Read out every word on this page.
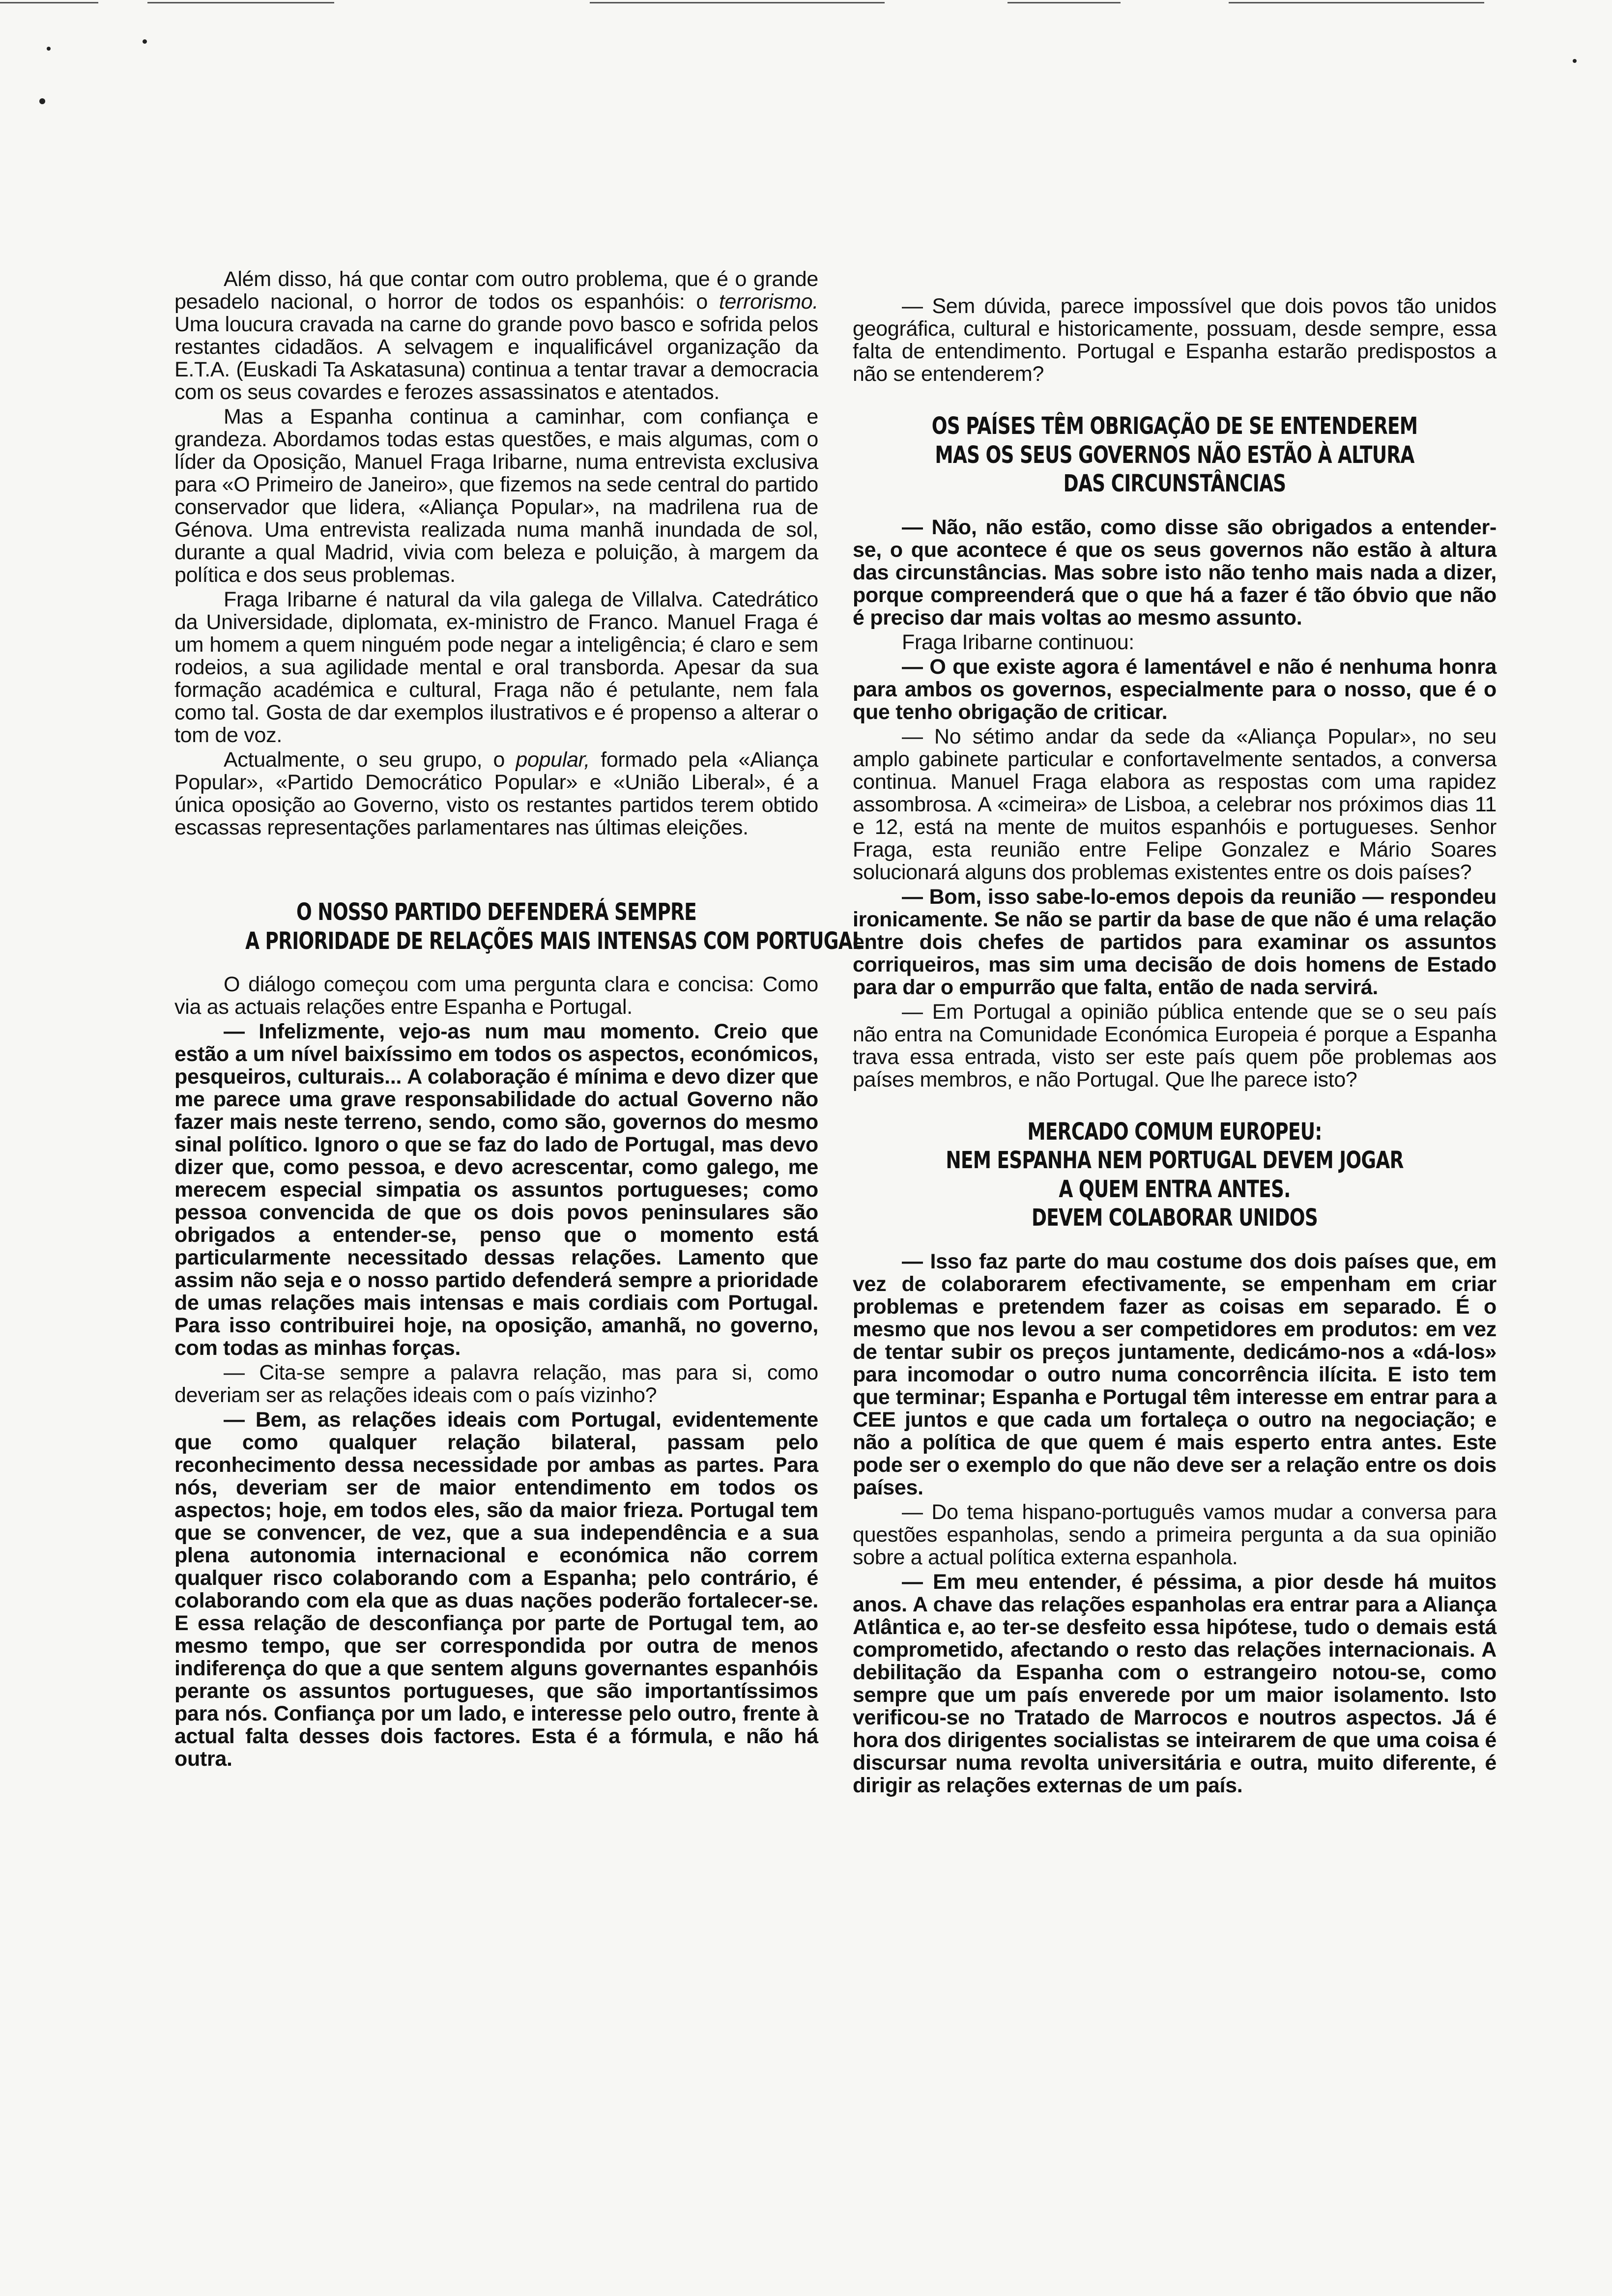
Além disso, há que contar com outro problema, que é o grande pesadelo nacional, o horror de todos os espanhóis: o terrorismo. Uma loucura cravada na carne do grande povo basco e sofrida pelos restantes cidadãos. A selvagem e inqualificável organização da E.T.A. (Euskadi Ta Askatasuna) continua a tentar travar a democracia com os seus covardes e ferozes assassinatos e atentados.

Mas a Espanha continua a caminhar, com confiança e grandeza. Abordamos todas estas questões, e mais algumas, com o líder da Oposição, Manuel Fraga Iribarne, numa entrevista exclusiva para «O Primeiro de Janeiro», que fizemos na sede central do partido conservador que lidera, «Aliança Popular», na madrilena rua de Génova. Uma entrevista realizada numa manhã inundada de sol, durante a qual Madrid, vivia com beleza e poluição, à margem da política e dos seus problemas.

Fraga Iribarne é natural da vila galega de Villalva. Catedrático da Universidade, diplomata, ex-ministro de Franco. Manuel Fraga é um homem a quem ninguém pode negar a inteligência; é claro e sem rodeios, a sua agilidade mental e oral transborda. Apesar da sua formação académica e cultural, Fraga não é petulante, nem fala como tal. Gosta de dar exemplos ilustrativos e é propenso a alterar o tom de voz.

Actualmente, o seu grupo, o popular, formado pela «Aliança Popular», «Partido Democrático Popular» e «União Liberal», é a única oposição ao Governo, visto os restantes partidos terem obtido escassas representações parlamentares nas últimas eleições.

O NOSSO PARTIDO DEFENDERÁ SEMPRE
A PRIORIDADE DE RELAÇÕES MAIS INTENSAS COM PORTUGAL

O diálogo começou com uma pergunta clara e concisa: Como via as actuais relações entre Espanha e Portugal.

— Infelizmente, vejo-as num mau momento. Creio que estão a um nível baixíssimo em todos os aspectos, económicos, pesqueiros, culturais... A colaboração é mínima e devo dizer que me parece uma grave responsabilidade do actual Governo não fazer mais neste terreno, sendo, como são, governos do mesmo sinal político. Ignoro o que se faz do lado de Portugal, mas devo dizer que, como pessoa, e devo acrescentar, como galego, me merecem especial simpatia os assuntos portugueses; como pessoa convencida de que os dois povos peninsulares são obrigados a entender-se, penso que o momento está particularmente necessitado dessas relações. Lamento que assim não seja e o nosso partido defenderá sempre a prioridade de umas relações mais intensas e mais cordiais com Portugal. Para isso contribuirei hoje, na oposição, amanhã, no governo, com todas as minhas forças.

— Cita-se sempre a palavra relação, mas para si, como deveriam ser as relações ideais com o país vizinho?

— Bem, as relações ideais com Portugal, evidentemente que como qualquer relação bilateral, passam pelo reconhecimento dessa necessidade por ambas as partes. Para nós, deveriam ser de maior entendimento em todos os aspectos; hoje, em todos eles, são da maior frieza. Portugal tem que se convencer, de vez, que a sua independência e a sua plena autonomia internacional e económica não correm qualquer risco colaborando com a Espanha; pelo contrário, é colaborando com ela que as duas nações poderão fortalecer-se. E essa relação de desconfiança por parte de Portugal tem, ao mesmo tempo, que ser correspondida por outra de menos indiferença do que a que sentem alguns governantes espanhóis perante os assuntos portugueses, que são importantíssimos para nós. Confiança por um lado, e interesse pelo outro, frente à actual falta desses dois factores. Esta é a fórmula, e não há outra.

— Sem dúvida, parece impossível que dois povos tão unidos geográfica, cultural e historicamente, possuam, desde sempre, essa falta de entendimento. Portugal e Espanha estarão predispostos a não se entenderem?

OS PAÍSES TÊM OBRIGAÇÃO DE SE ENTENDEREM
MAS OS SEUS GOVERNOS NÃO ESTÃO À ALTURA
DAS CIRCUNSTÂNCIAS

— Não, não estão, como disse são obrigados a entender-se, o que acontece é que os seus governos não estão à altura das circunstâncias. Mas sobre isto não tenho mais nada a dizer, porque compreenderá que o que há a fazer é tão óbvio que não é preciso dar mais voltas ao mesmo assunto.

Fraga Iribarne continuou:

— O que existe agora é lamentável e não é nenhuma honra para ambos os governos, especialmente para o nosso, que é o que tenho obrigação de criticar.

— No sétimo andar da sede da «Aliança Popular», no seu amplo gabinete particular e confortavelmente sentados, a conversa continua. Manuel Fraga elabora as respostas com uma rapidez assombrosa. A «cimeira» de Lisboa, a celebrar nos próximos dias 11 e 12, está na mente de muitos espanhóis e portugueses. Senhor Fraga, esta reunião entre Felipe Gonzalez e Mário Soares solucionará alguns dos problemas existentes entre os dois países?

— Bom, isso sabe-lo-emos depois da reunião — respondeu ironicamente. Se não se partir da base de que não é uma relação entre dois chefes de partidos para examinar os assuntos corriqueiros, mas sim uma decisão de dois homens de Estado para dar o empurrão que falta, então de nada servirá.

— Em Portugal a opinião pública entende que se o seu país não entra na Comunidade Económica Europeia é porque a Espanha trava essa entrada, visto ser este país quem põe problemas aos países membros, e não Portugal. Que lhe parece isto?

MERCADO COMUM EUROPEU:
NEM ESPANHA NEM PORTUGAL DEVEM JOGAR
A QUEM ENTRA ANTES.
DEVEM COLABORAR UNIDOS

— Isso faz parte do mau costume dos dois países que, em vez de colaborarem efectivamente, se empenham em criar problemas e pretendem fazer as coisas em separado. É o mesmo que nos levou a ser competidores em produtos: em vez de tentar subir os preços juntamente, dedicámo-nos a «dá-los» para incomodar o outro numa concorrência ilícita. E isto tem que terminar; Espanha e Portugal têm interesse em entrar para a CEE juntos e que cada um fortaleça o outro na negociação; e não a política de que quem é mais esperto entra antes. Este pode ser o exemplo do que não deve ser a relação entre os dois países.

— Do tema hispano-português vamos mudar a conversa para questões espanholas, sendo a primeira pergunta a da sua opinião sobre a actual política externa espanhola.

— Em meu entender, é péssima, a pior desde há muitos anos. A chave das relações espanholas era entrar para a Aliança Atlântica e, ao ter-se desfeito essa hipótese, tudo o demais está comprometido, afectando o resto das relações internacionais. A debilitação da Espanha com o estrangeiro notou-se, como sempre que um país enverede por um maior isolamento. Isto verificou-se no Tratado de Marrocos e noutros aspectos. Já é hora dos dirigentes socialistas se inteirarem de que uma coisa é discursar numa revolta universitária e outra, muito diferente, é dirigir as relações externas de um país.
